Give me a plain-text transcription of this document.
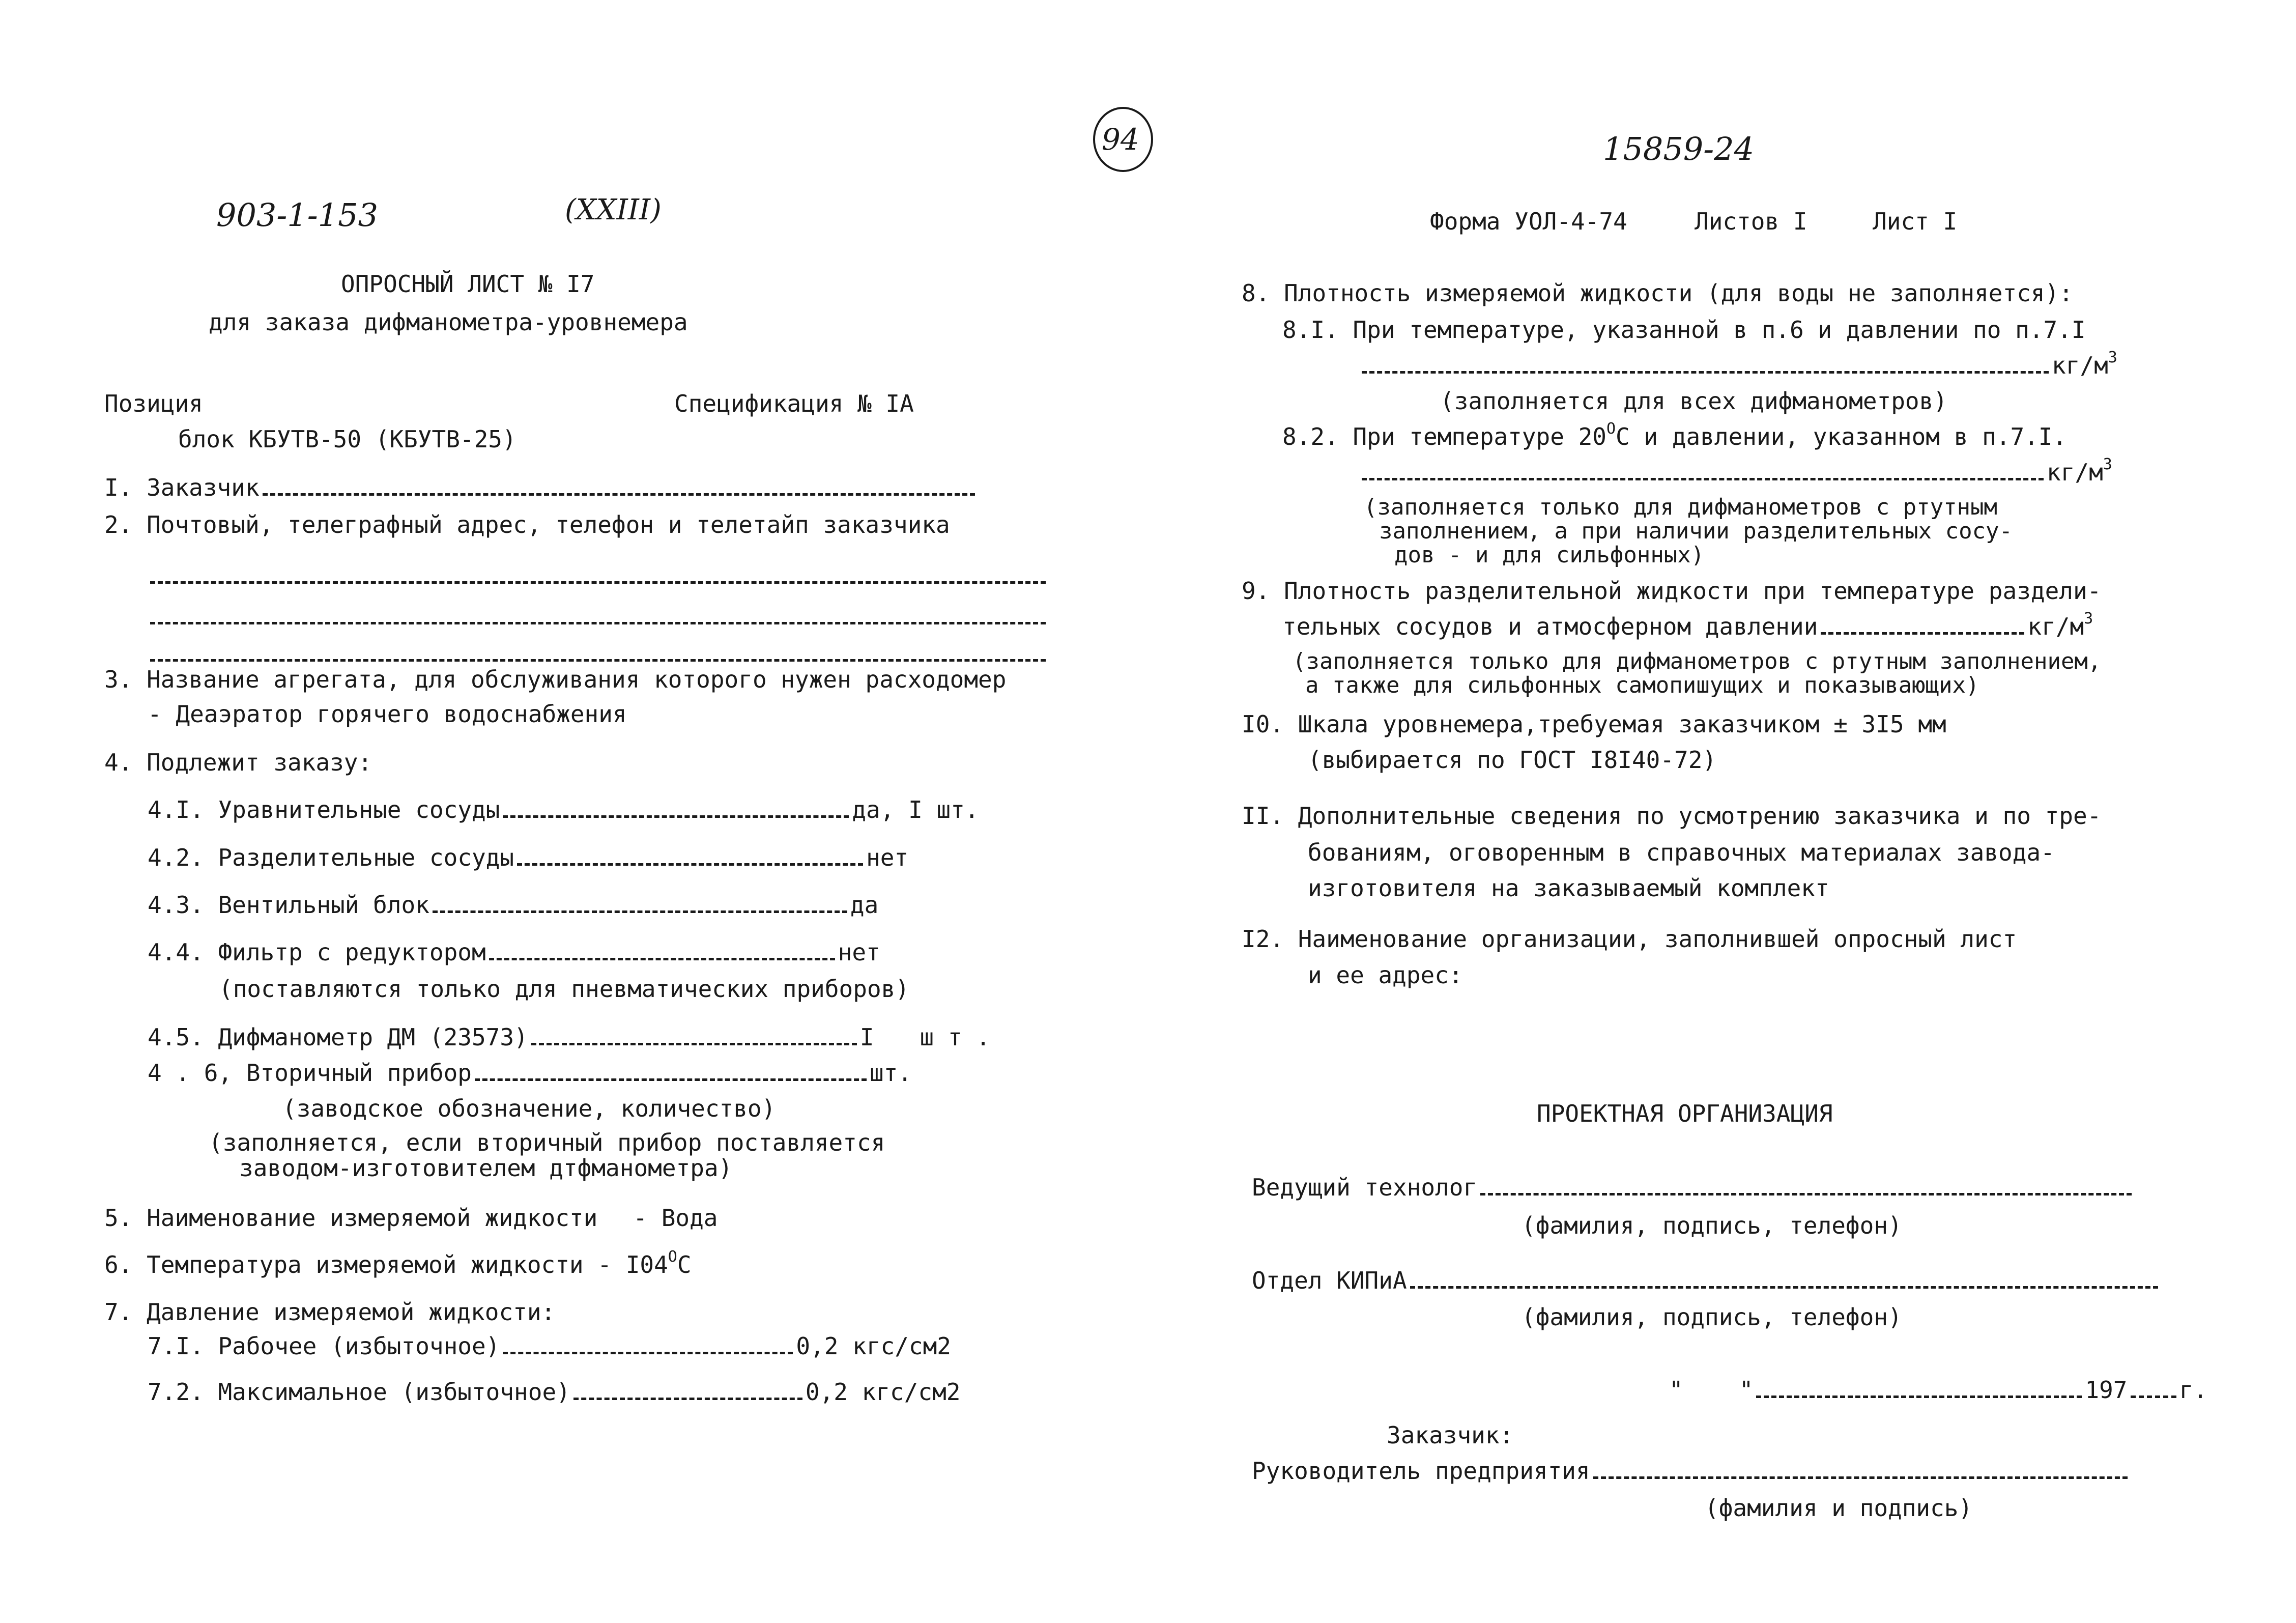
94	15859-24
903-1-153	(XXIII)	Форма УОЛ-4-74	Листов I	Лист I
ОПРОСНЫЙ ЛИСТ № I7
для заказа дифманометра-уровнемера
Позиция	Спецификация № IA
блок КБУТВ-50 (КБУТВ-25)
I. Заказчик
2. Почтовый, телеграфный адрес, телефон и телетайп заказчика
3. Название агрегата, для обслуживания которого нужен расходомер
- Деаэратор горячего водоснабжения
4. Подлежит заказу:
4.I. Уравнительные сосуды	да, I шт.
4.2. Разделительные сосуды	нет
4.3. Вентильный блок	да
4.4. Фильтр с редуктором	нет
(поставляются только для пневматических приборов)
4.5. Дифманометр ДМ (23573)	I ш т .
4 . 6, Вторичный прибор	шт.
(заводское обозначение, количество)
(заполняется, если вторичный прибор поставляется
заводом-изготовителем дтфманометра)
5. Наименование измеряемой жидкости - Вода
6. Температура измеряемой жидкости - $I04^ОС$
7. Давление измеряемой жидкости:
7.I. Рабочее (избыточное)	0,2 кгс/см2
7.2. Максимальное (избыточное)	0,2 кгс/см2
8. Плотность измеряемой жидкости (для воды не заполняется):
8.I. При температуре, указанной в п.6 и давлении по п.7.I
$кг/м^3$
(заполняется для всех дифманометров)
8.2. При температуре $20^ОС$ и давлении, указанном в п.7.I.
$кг/м^3$
(заполняется только для дифманометров с ртутным
заполнением, а при наличии разделительных сосу-
дов - и для сильфонных)
9. Плотность разделительной жидкости при температуре раздели-
тельных сосудов и атмосферном давлении	$кг/м^3$
(заполняется только для дифманометров с ртутным заполнением,
а также для сильфонных самопишущих и показывающих)
I0. Шкала уровнемера,требуемая заказчиком ± 3I5 мм
(выбирается по ГОСТ I8I40-72)
II. Дополнительные сведения по усмотрению заказчика и по тре-
бованиям, оговоренным в справочных материалах завода-
изготовителя на заказываемый комплект
I2. Наименование организации, заполнившей опросный лист
и ее адрес:
ПРОЕКТНАЯ ОРГАНИЗАЦИЯ
Ведущий технолог
(фамилия, подпись, телефон)
Отдел КИПиА
(фамилия, подпись, телефон)
" "	197 г.
Заказчик:
Руководитель предприятия
(фамилия и подпись)
